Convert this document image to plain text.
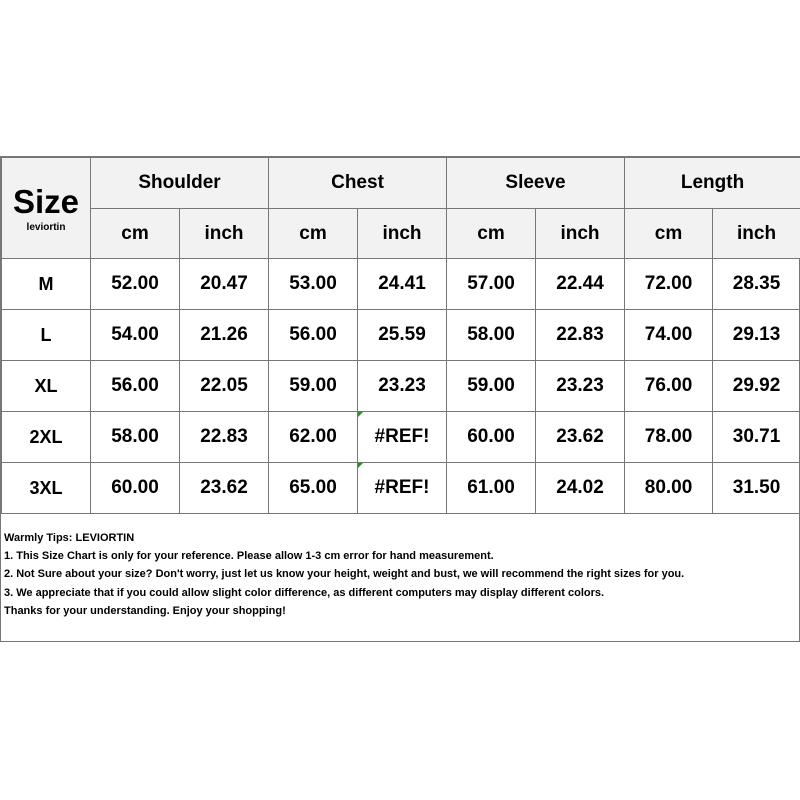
Size
leviortin	Shoulder		Chest		Sleeve		Length	
	cm	inch	cm	inch	cm	inch	cm	inch
M	52.00	20.47	53.00	24.41	57.00	22.44	72.00	28.35
L	54.00	21.26	56.00	25.59	58.00	22.83	74.00	29.13
XL	56.00	22.05	59.00	23.23	59.00	23.23	76.00	29.92
2XL	58.00	22.83	62.00	#REF!	60.00	23.62	78.00	30.71
3XL	60.00	23.62	65.00	#REF!	61.00	24.02	80.00	31.50
Warmly Tips: LEVIORTIN
1. This Size Chart is only for your reference. Please allow 1-3 cm error for hand measurement.
2. Not Sure about your size? Don't worry, just let us know your height, weight and bust, we will recommend the right sizes for you.
3. We appreciate that if you could allow slight color difference, as different computers may display different colors.
Thanks for your understanding. Enjoy your shopping!
